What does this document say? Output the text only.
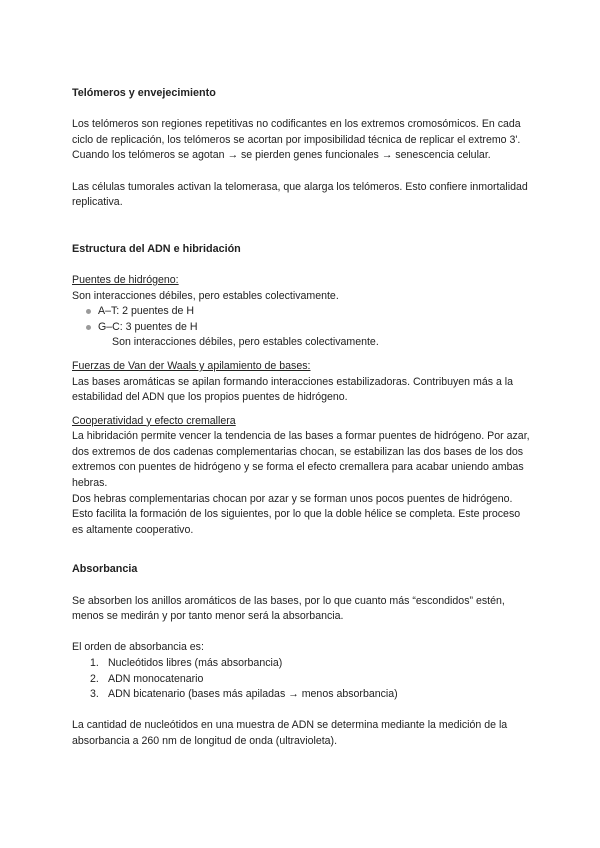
Telómeros y envejecimiento

Los telómeros son regiones repetitivas no codificantes en los extremos cromosómicos. En cada ciclo de replicación, los telómeros se acortan por imposibilidad técnica de replicar el extremo 3'. Cuando los telómeros se agotan → se pierden genes funcionales → senescencia celular.

Las células tumorales activan la telomerasa, que alarga los telómeros. Esto confiere inmortalidad replicativa.

Estructura del ADN e hibridación

Puentes de hidrógeno:

Son interacciones débiles, pero estables colectivamente.

A–T: 2 puentes de H
G–C: 3 puentes de H

Son interacciones débiles, pero estables colectivamente.

Fuerzas de Van der Waals y apilamiento de bases:

Las bases aromáticas se apilan formando interacciones estabilizadoras. Contribuyen más a la estabilidad del ADN que los propios puentes de hidrógeno.

Cooperatividad y efecto cremallera

La hibridación permite vencer la tendencia de las bases a formar puentes de hidrógeno. Por azar, dos extremos de dos cadenas complementarias chocan, se estabilizan las dos bases de los dos extremos con puentes de hidrógeno y se forma el efecto cremallera para acabar uniendo ambas hebras.

Dos hebras complementarias chocan por azar y se forman unos pocos puentes de hidrógeno. Esto facilita la formación de los siguientes, por lo que la doble hélice se completa. Este proceso es altamente cooperativo.

Absorbancia

Se absorben los anillos aromáticos de las bases, por lo que cuanto más “escondidos” estén, menos se medirán y por tanto menor será la absorbancia.

El orden de absorbancia es:

1. Nucleótidos libres (más absorbancia)
2. ADN monocatenario
3. ADN bicatenario (bases más apiladas → menos absorbancia)

La cantidad de nucleótidos en una muestra de ADN se determina mediante la medición de la absorbancia a 260 nm de longitud de onda (ultravioleta).
